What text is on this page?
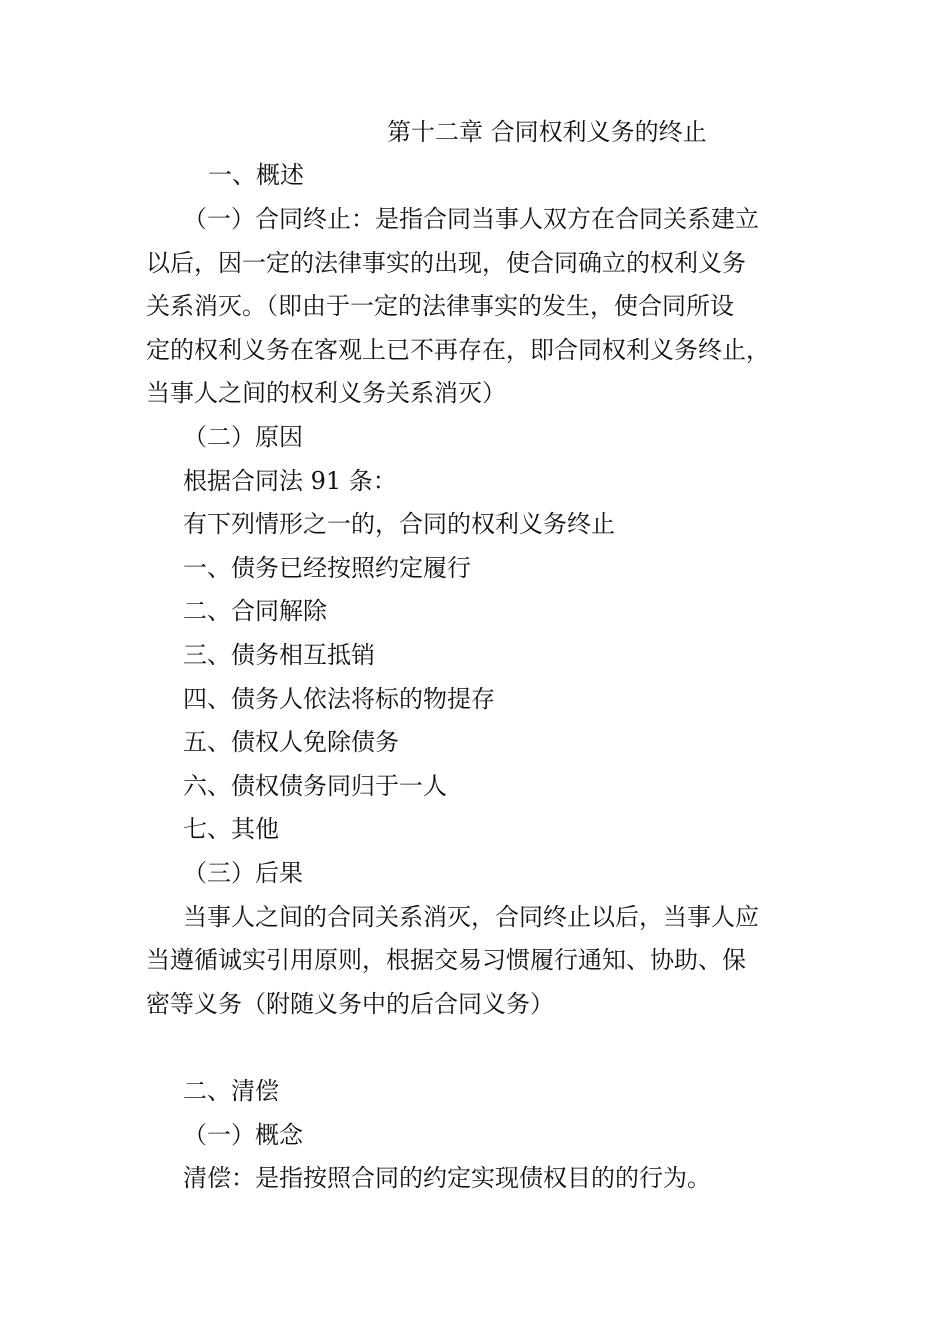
第十二章 合同权利义务的终止
一、概述
（一）合同终止：是指合同当事人双方在合同关系建立
以后，因一定的法律事实的出现，使合同确立的权利义务
关系消灭。（即由于一定的法律事实的发生，使合同所设
定的权利义务在客观上已不再存在，即合同权利义务终止，
当事人之间的权利义务关系消灭）
（二）原因
根据合同法 91 条：
有下列情形之一的，合同的权利义务终止
一、债务已经按照约定履行
二、合同解除
三、债务相互抵销
四、债务人依法将标的物提存
五、债权人免除债务
六、债权债务同归于一人
七、其他
（三）后果
当事人之间的合同关系消灭，合同终止以后，当事人应
当遵循诚实引用原则，根据交易习惯履行通知、协助、保
密等义务（附随义务中的后合同义务）
二、清偿
（一）概念
清偿：是指按照合同的约定实现债权目的的行为。
